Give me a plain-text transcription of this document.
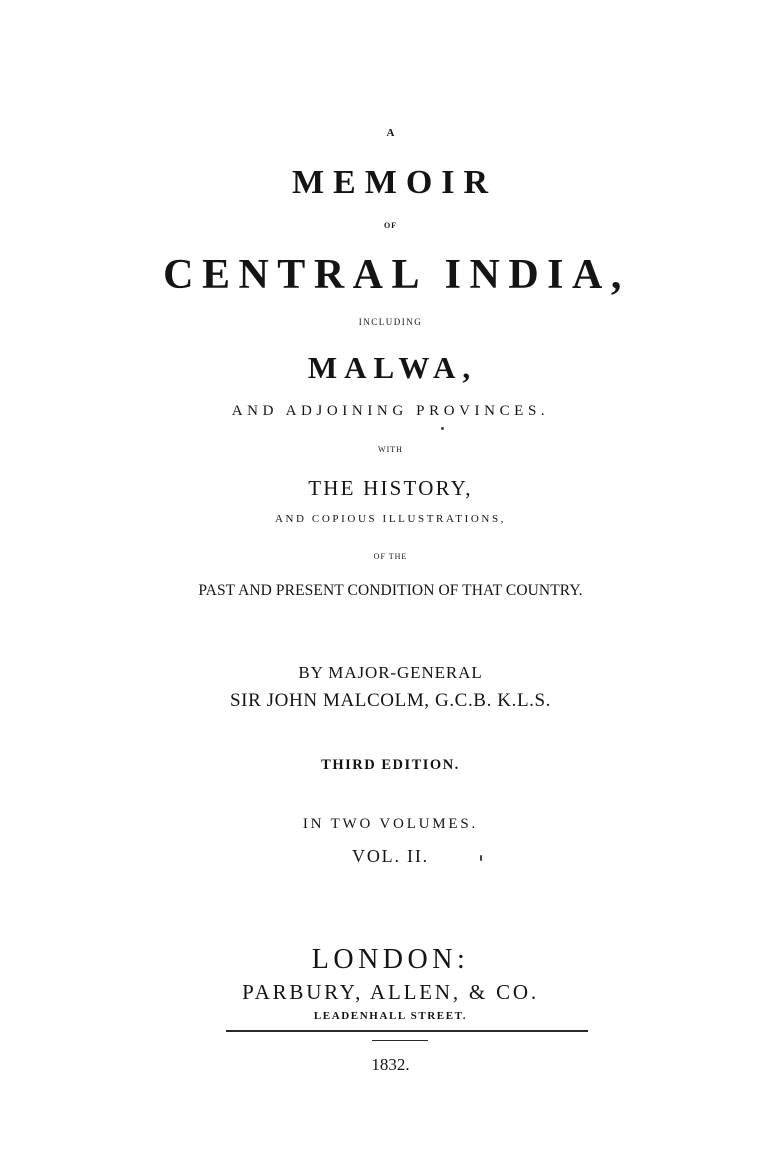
A
MEMOIR
OF
CENTRAL INDIA,
INCLUDING
MALWA,
AND ADJOINING PROVINCES.
WITH
THE HISTORY,
AND COPIOUS ILLUSTRATIONS,
OF THE
PAST AND PRESENT CONDITION OF THAT COUNTRY.
BY MAJOR-GENERAL
SIR JOHN MALCOLM, G.C.B. K.L.S.
THIRD EDITION.
IN TWO VOLUMES.
VOL. II.
LONDON:
PARBURY, ALLEN, & CO.
LEADENHALL STREET.
1832.
